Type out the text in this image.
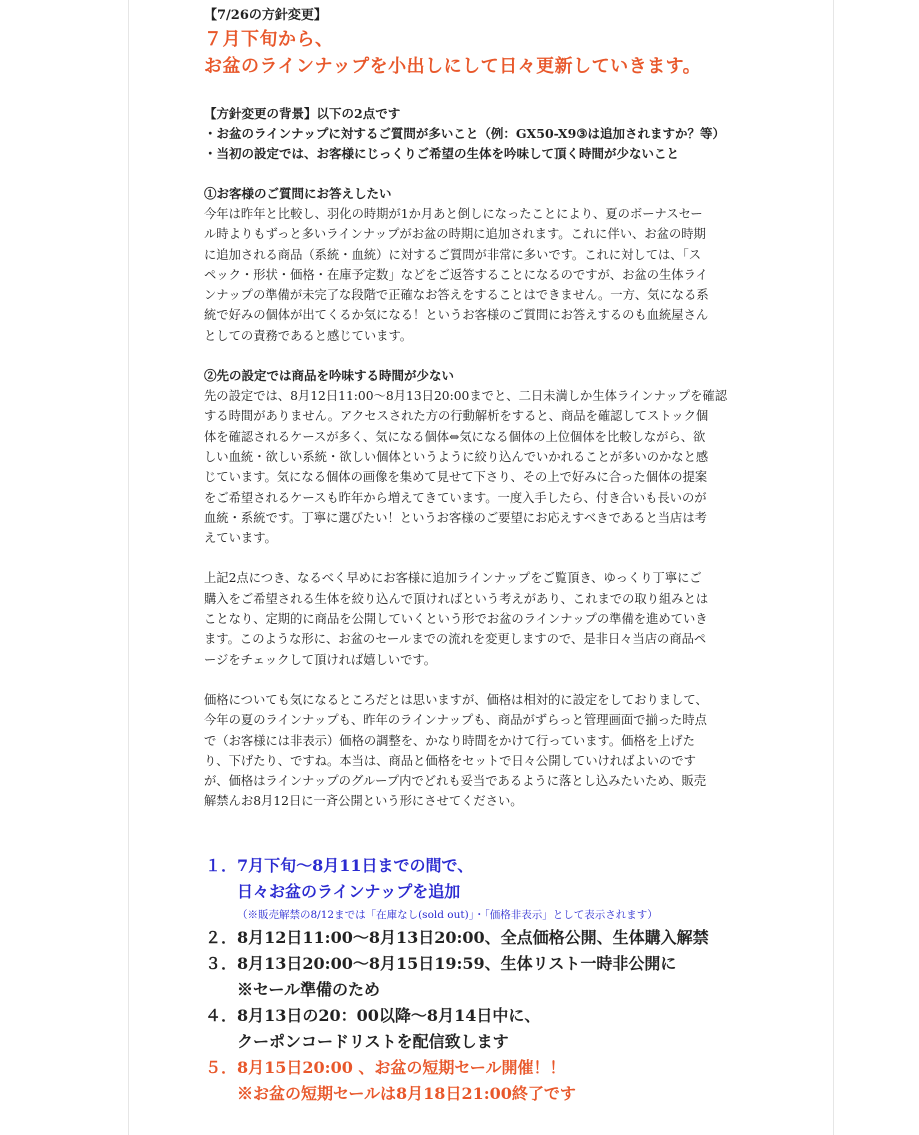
【7/26の方針変更】
７月下旬から、
お盆のラインナップを小出しにして日々更新していきます。
【方針変更の背景】以下の2点です
・お盆のラインナップに対するご質問が多いこと（例：GX50-X9③は追加されますか？等）
・当初の設定では、お客様にじっくりご希望の生体を吟味して頂く時間が少ないこと
①お客様のご質問にお答えしたい
今年は昨年と比較し、羽化の時期が1か月あと倒しになったことにより、夏のボーナスセー
ル時よりもずっと多いラインナップがお盆の時期に追加されます。これに伴い、お盆の時期
に追加される商品（系統・血統）に対するご質問が非常に多いです。これに対しては、「ス
ペック・形状・価格・在庫予定数」などをご返答することになるのですが、お盆の生体ライ
ンナップの準備が未完了な段階で正確なお答えをすることはできません。一方、気になる系
統で好みの個体が出てくるか気になる！というお客様のご質問にお答えするのも血統屋さん
としての責務であると感じています。
②先の設定では商品を吟味する時間が少ない
先の設定では、8月12日11:00〜8月13日20:00までと、二日未満しか生体ラインナップを確認
する時間がありません。アクセスされた方の行動解析をすると、商品を確認してストック個
体を確認されるケースが多く、気になる個体⇔気になる個体の上位個体を比較しながら、欲
しい血統・欲しい系統・欲しい個体というように絞り込んでいかれることが多いのかなと感
じています。気になる個体の画像を集めて見せて下さり、その上で好みに合った個体の提案
をご希望されるケースも昨年から増えてきています。一度入手したら、付き合いも長いのが
血統・系統です。丁寧に選びたい！というお客様のご要望にお応えすべきであると当店は考
えています。
上記2点につき、なるべく早めにお客様に追加ラインナップをご覧頂き、ゆっくり丁寧にご
購入をご希望される生体を絞り込んで頂ければという考えがあり、これまでの取り組みとは
ことなり、定期的に商品を公開していくという形でお盆のラインナップの準備を進めていき
ます。このような形に、お盆のセールまでの流れを変更しますので、是非日々当店の商品ペ
ージをチェックして頂ければ嬉しいです。
価格についても気になるところだとは思いますが、価格は相対的に設定をしておりまして、
今年の夏のラインナップも、昨年のラインナップも、商品がずらっと管理画面で揃った時点
で（お客様には非表示）価格の調整を、かなり時間をかけて行っています。価格を上げた
り、下げたり、ですね。本当は、商品と価格をセットで日々公開していければよいのです
が、価格はラインナップのグループ内でどれも妥当であるように落とし込みたいため、販売
解禁んお8月12日に一斉公開という形にさせてください。
１． 7月下旬〜8月11日までの間で、
日々お盆のラインナップを追加
（※販売解禁の8/12までは「在庫なし(sold out)」・「価格非表示」として表示されます）
２． 8月12日11:00〜8月13日20:00、全点価格公開、生体購入解禁
３． 8月13日20:00〜8月15日19:59、生体リスト一時非公開に
※セール準備のため
４． 8月13日の20：00以降〜8月14日中に、
クーポンコードリストを配信致します
５． 8月15日20:00 、お盆の短期セール開催！！
※お盆の短期セールは8月18日21:00終了です
